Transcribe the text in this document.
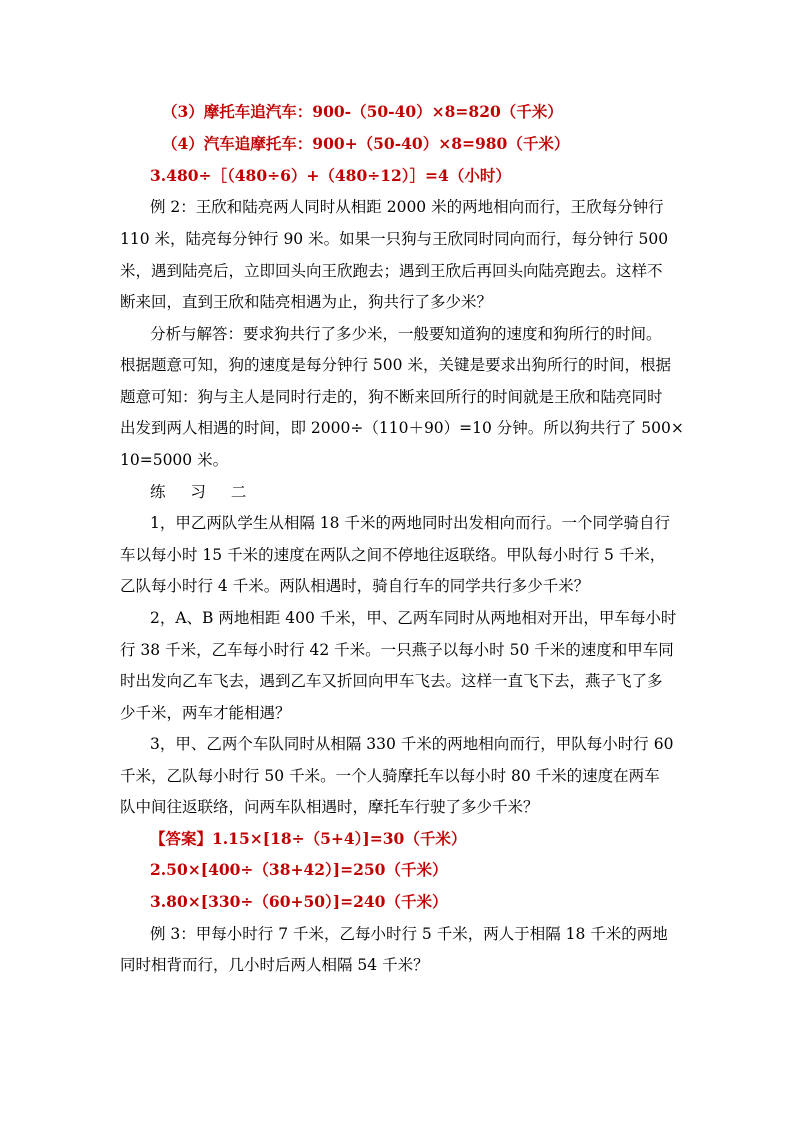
（3）摩托车追汽车：900-（50-40）×8=820（千米）
（4）汽车追摩托车：900+（50-40）×8=980（千米）
3.480÷［（480÷6）+（480÷12）］=4（小时）
例 2：王欣和陆亮两人同时从相距 2000 米的两地相向而行，王欣每分钟行
110 米，陆亮每分钟行 90 米。如果一只狗与王欣同时同向而行，每分钟行 500
米，遇到陆亮后，立即回头向王欣跑去；遇到王欣后再回头向陆亮跑去。这样不
断来回，直到王欣和陆亮相遇为止，狗共行了多少米？
分析与解答：要求狗共行了多少米，一般要知道狗的速度和狗所行的时间。
根据题意可知，狗的速度是每分钟行 500 米，关键是要求出狗所行的时间，根据
题意可知：狗与主人是同时行走的，狗不断来回所行的时间就是王欣和陆亮同时
出发到两人相遇的时间，即 2000÷（110＋90）=10 分钟。所以狗共行了 500×
10=5000 米。
练 习 二
1，甲乙两队学生从相隔 18 千米的两地同时出发相向而行。一个同学骑自行
车以每小时 15 千米的速度在两队之间不停地往返联络。甲队每小时行 5 千米，
乙队每小时行 4 千米。两队相遇时，骑自行车的同学共行多少千米？
2，A、B 两地相距 400 千米，甲、乙两车同时从两地相对开出，甲车每小时
行 38 千米，乙车每小时行 42 千米。一只燕子以每小时 50 千米的速度和甲车同
时出发向乙车飞去，遇到乙车又折回向甲车飞去。这样一直飞下去，燕子飞了多
少千米，两车才能相遇？
3，甲、乙两个车队同时从相隔 330 千米的两地相向而行，甲队每小时行 60
千米，乙队每小时行 50 千米。一个人骑摩托车以每小时 80 千米的速度在两车
队中间往返联络，问两车队相遇时，摩托车行驶了多少千米？
【答案】1.15×[18÷（5+4）]=30（千米）
2.50×[400÷（38+42）]=250（千米）
3.80×[330÷（60+50）]=240（千米）
例 3：甲每小时行 7 千米，乙每小时行 5 千米，两人于相隔 18 千米的两地
同时相背而行，几小时后两人相隔 54 千米？
